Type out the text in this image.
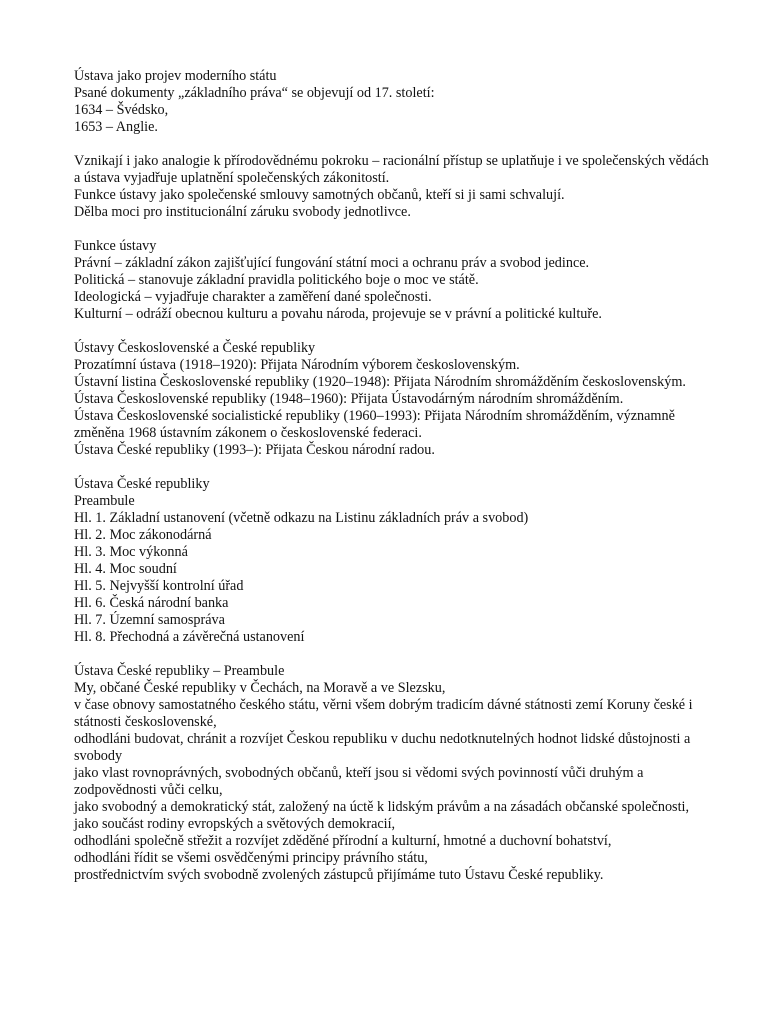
Ústava jako projev moderního státu
Psané dokumenty „základního práva“ se objevují od 17. století:
1634 – Švédsko,
1653 – Anglie.
Vznikají i jako analogie k přírodovědnému pokroku – racionální přístup se uplatňuje i ve společenských vědách a ústava vyjadřuje uplatnění společenských zákonitostí.
Funkce ústavy jako společenské smlouvy samotných občanů, kteří si ji sami schvalují.
Dělba moci pro institucionální záruku svobody jednotlivce.
Funkce ústavy
Právní – základní zákon zajišťující fungování státní moci a ochranu práv a svobod jedince.
Politická – stanovuje základní pravidla politického boje o moc ve státě.
Ideologická – vyjadřuje charakter a zaměření dané společnosti.
Kulturní – odráží obecnou kulturu a povahu národa, projevuje se v právní a politické kultuře.
Ústavy Československé a České republiky
Prozatímní ústava (1918–1920): Přijata Národním výborem československým.
Ústavní listina Československé republiky (1920–1948): Přijata Národním shromážděním československým.
Ústava Československé republiky (1948–1960): Přijata Ústavodárným národním shromážděním.
Ústava Československé socialistické republiky (1960–1993): Přijata Národním shromážděním, významně změněna 1968 ústavním zákonem o československé federaci.
Ústava České republiky (1993–): Přijata Českou národní radou.
Ústava České republiky
Preambule
Hl. 1. Základní ustanovení (včetně odkazu na Listinu základních práv a svobod)
Hl. 2. Moc zákonodárná
Hl. 3. Moc výkonná
Hl. 4. Moc soudní
Hl. 5. Nejvyšší kontrolní úřad
Hl. 6. Česká národní banka
Hl. 7. Územní samospráva
Hl. 8. Přechodná a závěrečná ustanovení
Ústava České republiky – Preambule
My, občané České republiky v Čechách, na Moravě a ve Slezsku,
v čase obnovy samostatného českého státu, věrni všem dobrým tradicím dávné státnosti zemí Koruny české i státnosti československé,
odhodláni budovat, chránit a rozvíjet Českou republiku v duchu nedotknutelných hodnot lidské důstojnosti a svobody
jako vlast rovnoprávných, svobodných občanů, kteří jsou si vědomi svých povinností vůči druhým a zodpovědnosti vůči celku,
jako svobodný a demokratický stát, založený na úctě k lidským právům a na zásadách občanské společnosti,
jako součást rodiny evropských a světových demokracií,
odhodláni společně střežit a rozvíjet zděděné přírodní a kulturní, hmotné a duchovní bohatství,
odhodláni řídit se všemi osvědčenými principy právního státu,
prostřednictvím svých svobodně zvolených zástupců přijímáme tuto Ústavu České republiky.
